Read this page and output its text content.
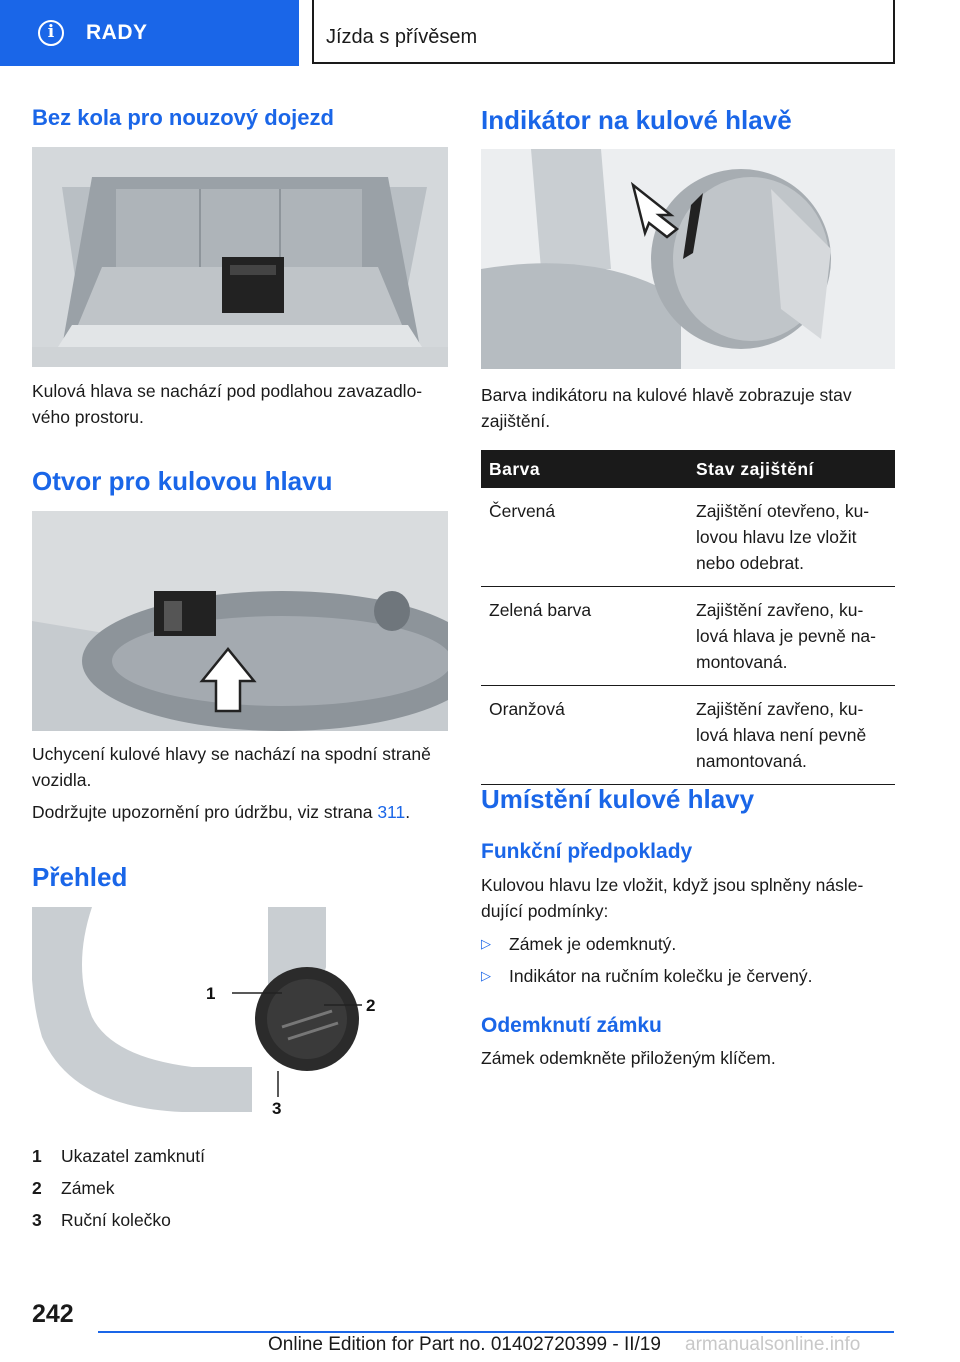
i	RADY	Jízda s přívěsem
Bez kola pro nouzový dojezd

Kulová hlava se nachází pod podlahou zavazadlo-vého prostoru.

Otvor pro kulovou hlavu

Uchycení kulové hlavy se nachází na spodní straně vozidla.

Dodržujte upozornění pro údržbu, viz strana 311.

Přehled
1
2
3
1	Ukazatel zamknutí
2	Zámek
3	Ruční kolečko
Indikátor na kulové hlavě

Barva indikátoru na kulové hlavě zobrazuje stav zajištění.

Barva	Stav zajištění
Červená	Zajištění otevřeno, ku-lovou hlavu lze vložit nebo odebrat.
Zelená barva	Zajištění zavřeno, ku-lová hlava je pevně na-montovaná.
Oranžová	Zajištění zavřeno, ku-lová hlava není pevně namontovaná.
Umístění kulové hlavy
Funkční předpoklady

Kulovou hlavu lze vložit, když jsou splněny násle-dující podmínky:

▷	Zámek je odemknutý.
▷	Indikátor na ručním kolečku je červený.
Odemknutí zámku

Zámek odemkněte přiloženým klíčem.

242
Online Edition for Part no. 01402720399 - II/19 armanualsonline.info
